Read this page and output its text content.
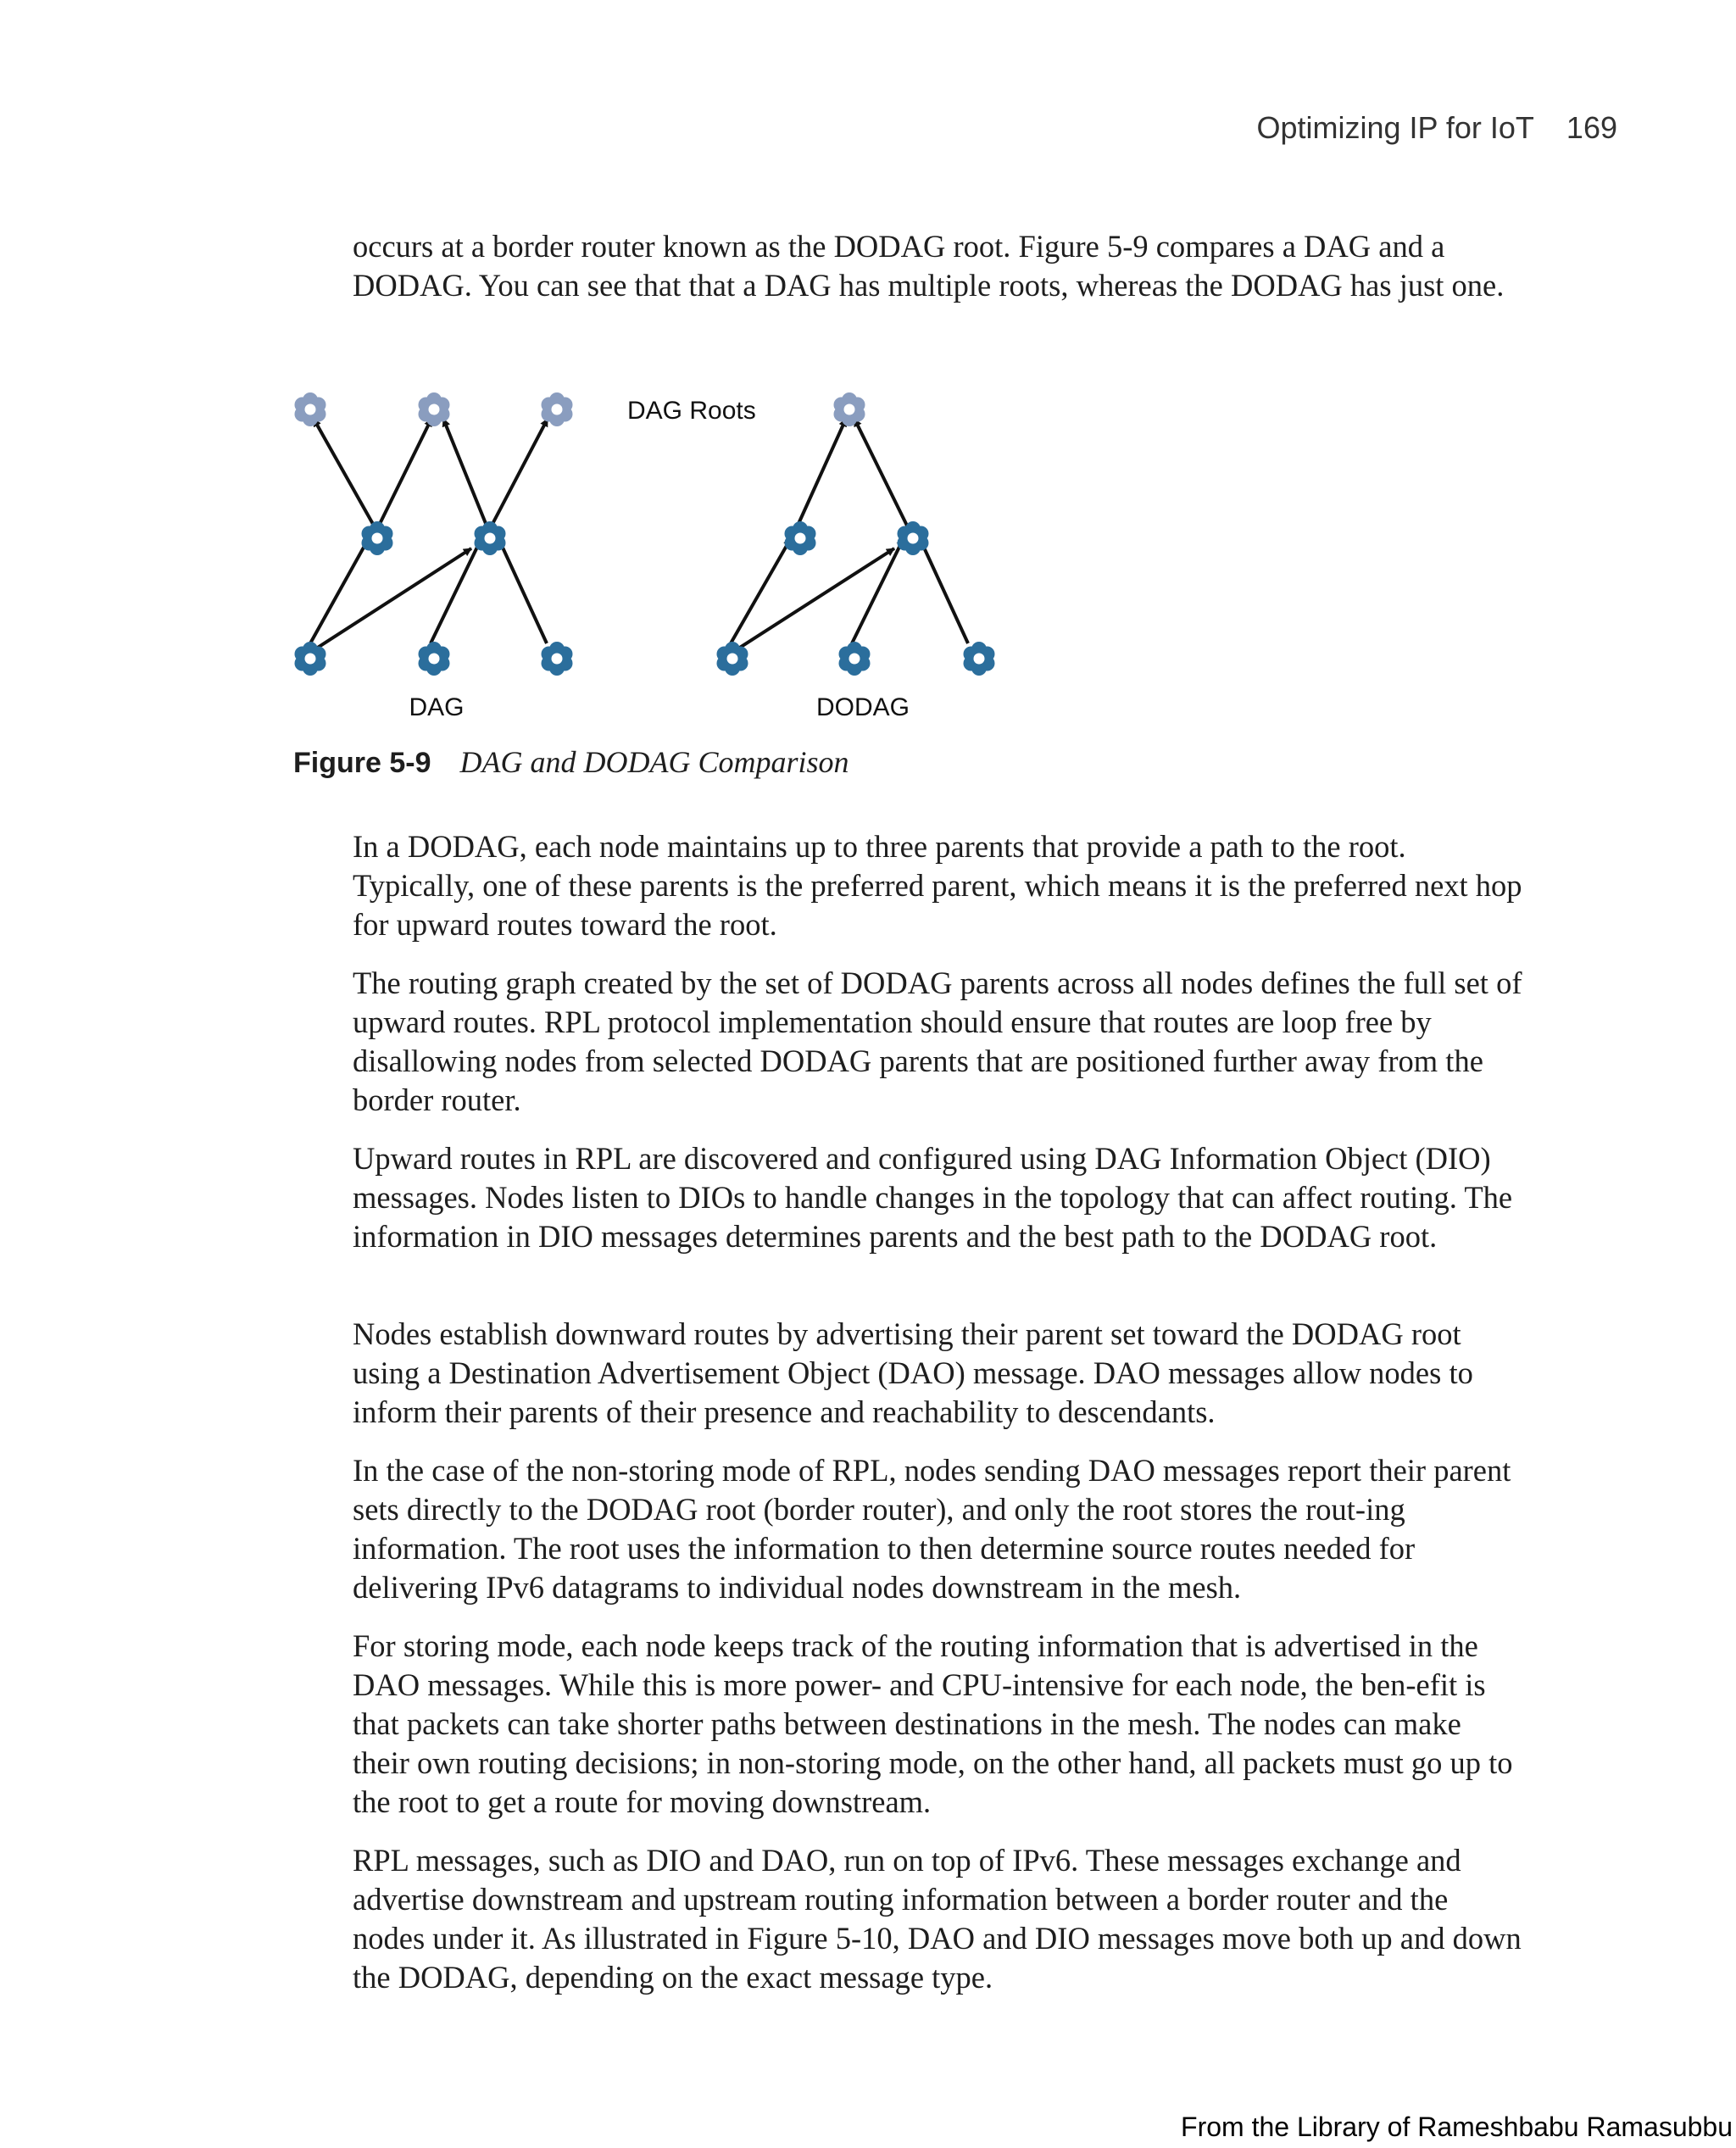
Optimizing IP for IoT 169

occurs at a border router known as the DODAG root. Figure 5-9 compares a DAG and a DODAG. You can see that that a DAG has multiple roots, whereas the DODAG has just one.

DAG Roots
DAG	DODAG
Figure 5-9 DAG and DODAG Comparison

In a DODAG, each node maintains up to three parents that provide a path to the root. Typically, one of these parents is the preferred parent, which means it is the preferred next hop for upward routes toward the root.

The routing graph created by the set of DODAG parents across all nodes defines the full set of upward routes. RPL protocol implementation should ensure that routes are loop free by disallowing nodes from selected DODAG parents that are positioned further away from the border router.

Upward routes in RPL are discovered and configured using DAG Information Object (DIO) messages. Nodes listen to DIOs to handle changes in the topology that can affect routing. The information in DIO messages determines parents and the best path to the DODAG root.

Nodes establish downward routes by advertising their parent set toward the DODAG root using a Destination Advertisement Object (DAO) message. DAO messages allow nodes to inform their parents of their presence and reachability to descendants.

In the case of the non-storing mode of RPL, nodes sending DAO messages report their parent sets directly to the DODAG root (border router), and only the root stores the rout-ing information. The root uses the information to then determine source routes needed for delivering IPv6 datagrams to individual nodes downstream in the mesh.

For storing mode, each node keeps track of the routing information that is advertised in the DAO messages. While this is more power- and CPU-intensive for each node, the ben-efit is that packets can take shorter paths between destinations in the mesh. The nodes can make their own routing decisions; in non-storing mode, on the other hand, all packets must go up to the root to get a route for moving downstream.

RPL messages, such as DIO and DAO, run on top of IPv6. These messages exchange and advertise downstream and upstream routing information between a border router and the nodes under it. As illustrated in Figure 5-10, DAO and DIO messages move both up and down the DODAG, depending on the exact message type.

From the Library of Rameshbabu Ramasubbu
